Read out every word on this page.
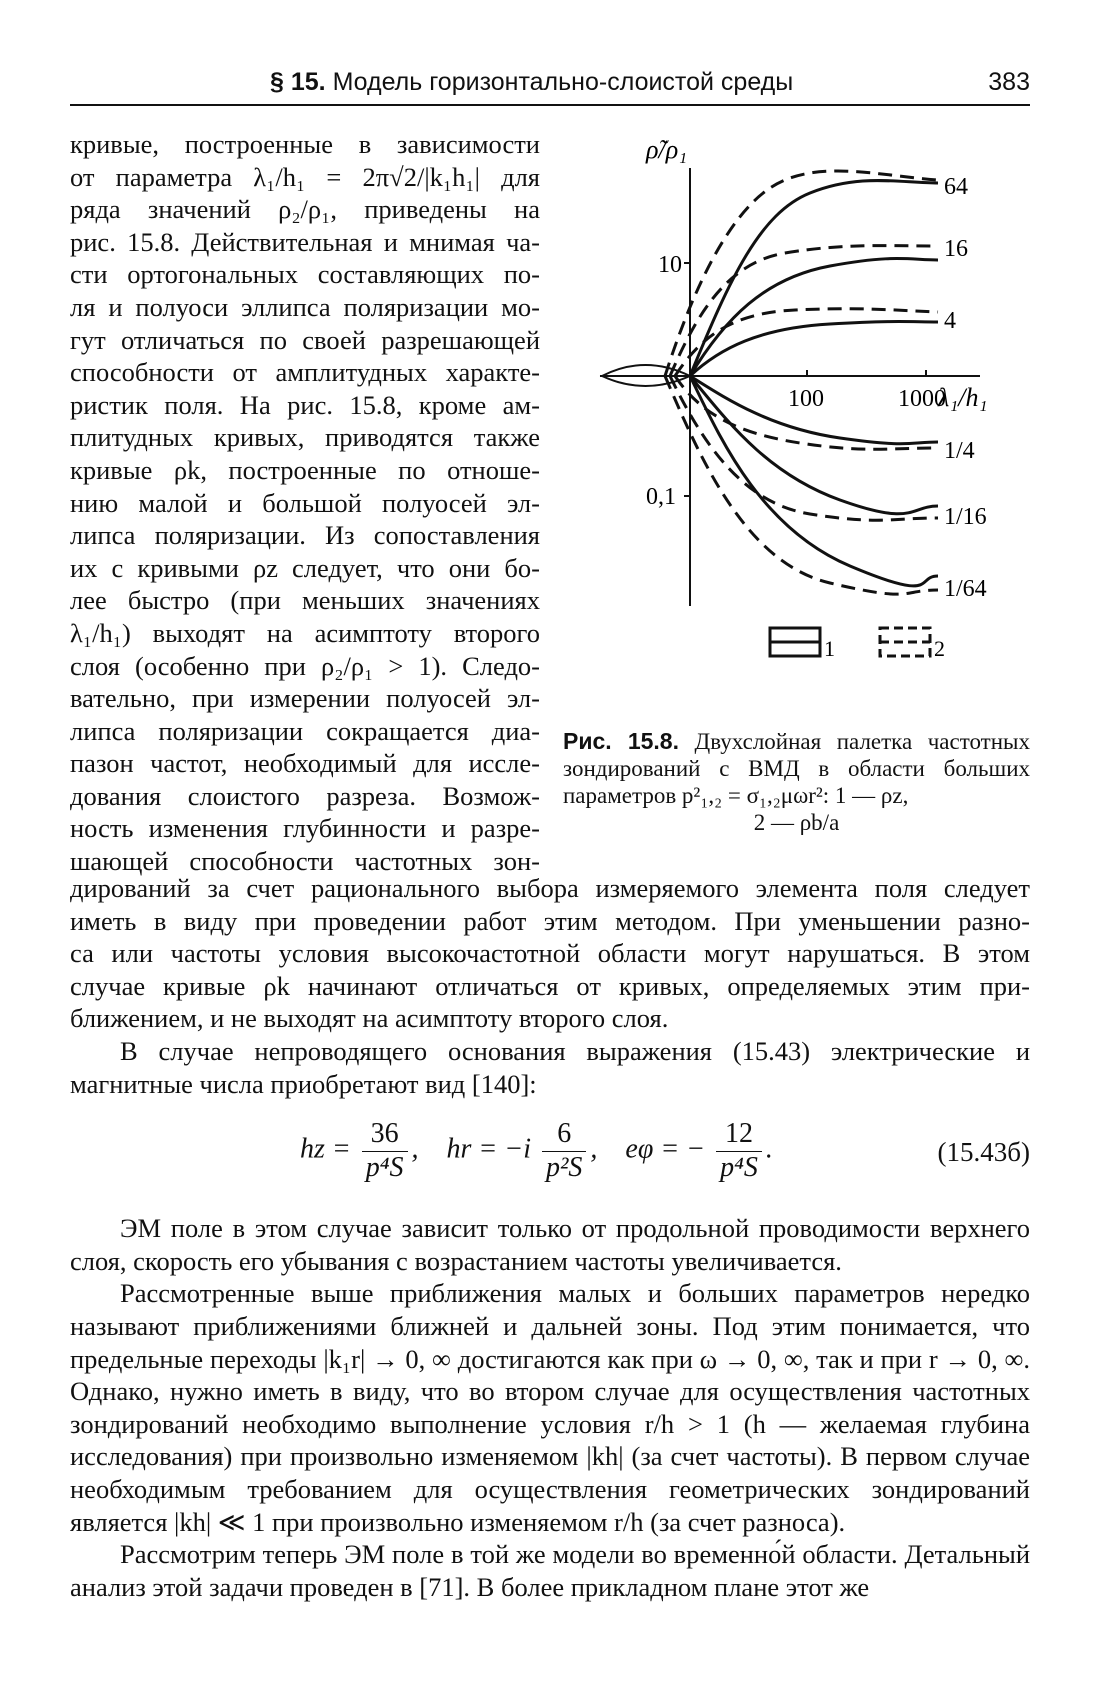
§ 15. Модель горизонтально-слоистой среды	383
кривые, построенные в зависимости
от параметра λ₁/h₁ = 2π√2/|k₁h₁| для
ряда значений ρ₂/ρ₁, приведены на
рис. 15.8. Действительная и мнимая ча-
сти ортогональных составляющих по-
ля и полуоси эллипса поляризации мо-
гут отличаться по своей разрешающей
способности от амплитудных характе-
ристик поля. На рис. 15.8, кроме ам-
плитудных кривых, приводятся также
кривые ρk, построенные по отноше-
нию малой и большой полуосей эл-
липса поляризации. Из сопоставления
их с кривыми ρz следует, что они бо-
лее быстро (при меньших значениях
λ₁/h₁) выходят на асимптоту второго
слоя (особенно при ρ₂/ρ₁ > 1). Следо-
вательно, при измерении полуосей эл-
липса поляризации сокращается диа-
пазон частот, необходимый для иссле-
дования слоистого разреза. Возмож-
ность изменения глубинности и разре-
шающей способности частотных зон-
ρ̃/ρ₁
λ₁/h₁
10
0,1
100	1000
64
16
4
1/4
1/16
1/64
1	2
Рис. 15.8. Двухслойная палетка частотных зондирований с ВМД в области больших параметров p²₁,₂ = σ₁,₂μωr²: 1 — ρz,
2 — ρb/a
дирований за счет рационального выбора измеряемого элемента поля следует
иметь в виду при проведении работ этим методом. При уменьшении разно-
са или частоты условия высокочастотной области могут нарушаться. В этом
случае кривые ρk начинают отличаться от кривых, определяемых этим при-
ближением, и не выходят на асимптоту второго слоя.

В случае непроводящего основания выражения (15.43) электрические и магнитные числа приобретают вид [140]:

hz = $\frac{36}{\text{p⁴S}}$ ,    hr = $-i \frac{6}{\text{p²S}}$ ,    eφ = − $\frac{12}{\text{p⁴S}}$ .	(15.43б)

ЭМ поле в этом случае зависит только от продольной проводимости верхнего слоя, скорость его убывания с возрастанием частоты увеличивается.

Рассмотренные выше приближения малых и больших параметров нередко называют приближениями ближней и дальней зоны. Под этим понимается, что предельные переходы |k₁r| → 0, ∞ достигаются как при ω → 0, ∞, так и при r → 0, ∞. Однако, нужно иметь в виду, что во втором случае для осуществления частотных зондирований необходимо выполнение условия r/h > 1 (h — желаемая глубина исследования) при произвольно изменяемом |kh| (за счет частоты). В первом случае необходимым требованием для осуществления геометрических зондирований является |kh| ≪ 1 при произвольно изменяемом r/h (за счет разноса).

Рассмотрим теперь ЭМ поле в той же модели во временно́й области. Детальный анализ этой задачи проведен в [71]. В более прикладном плане этот же
